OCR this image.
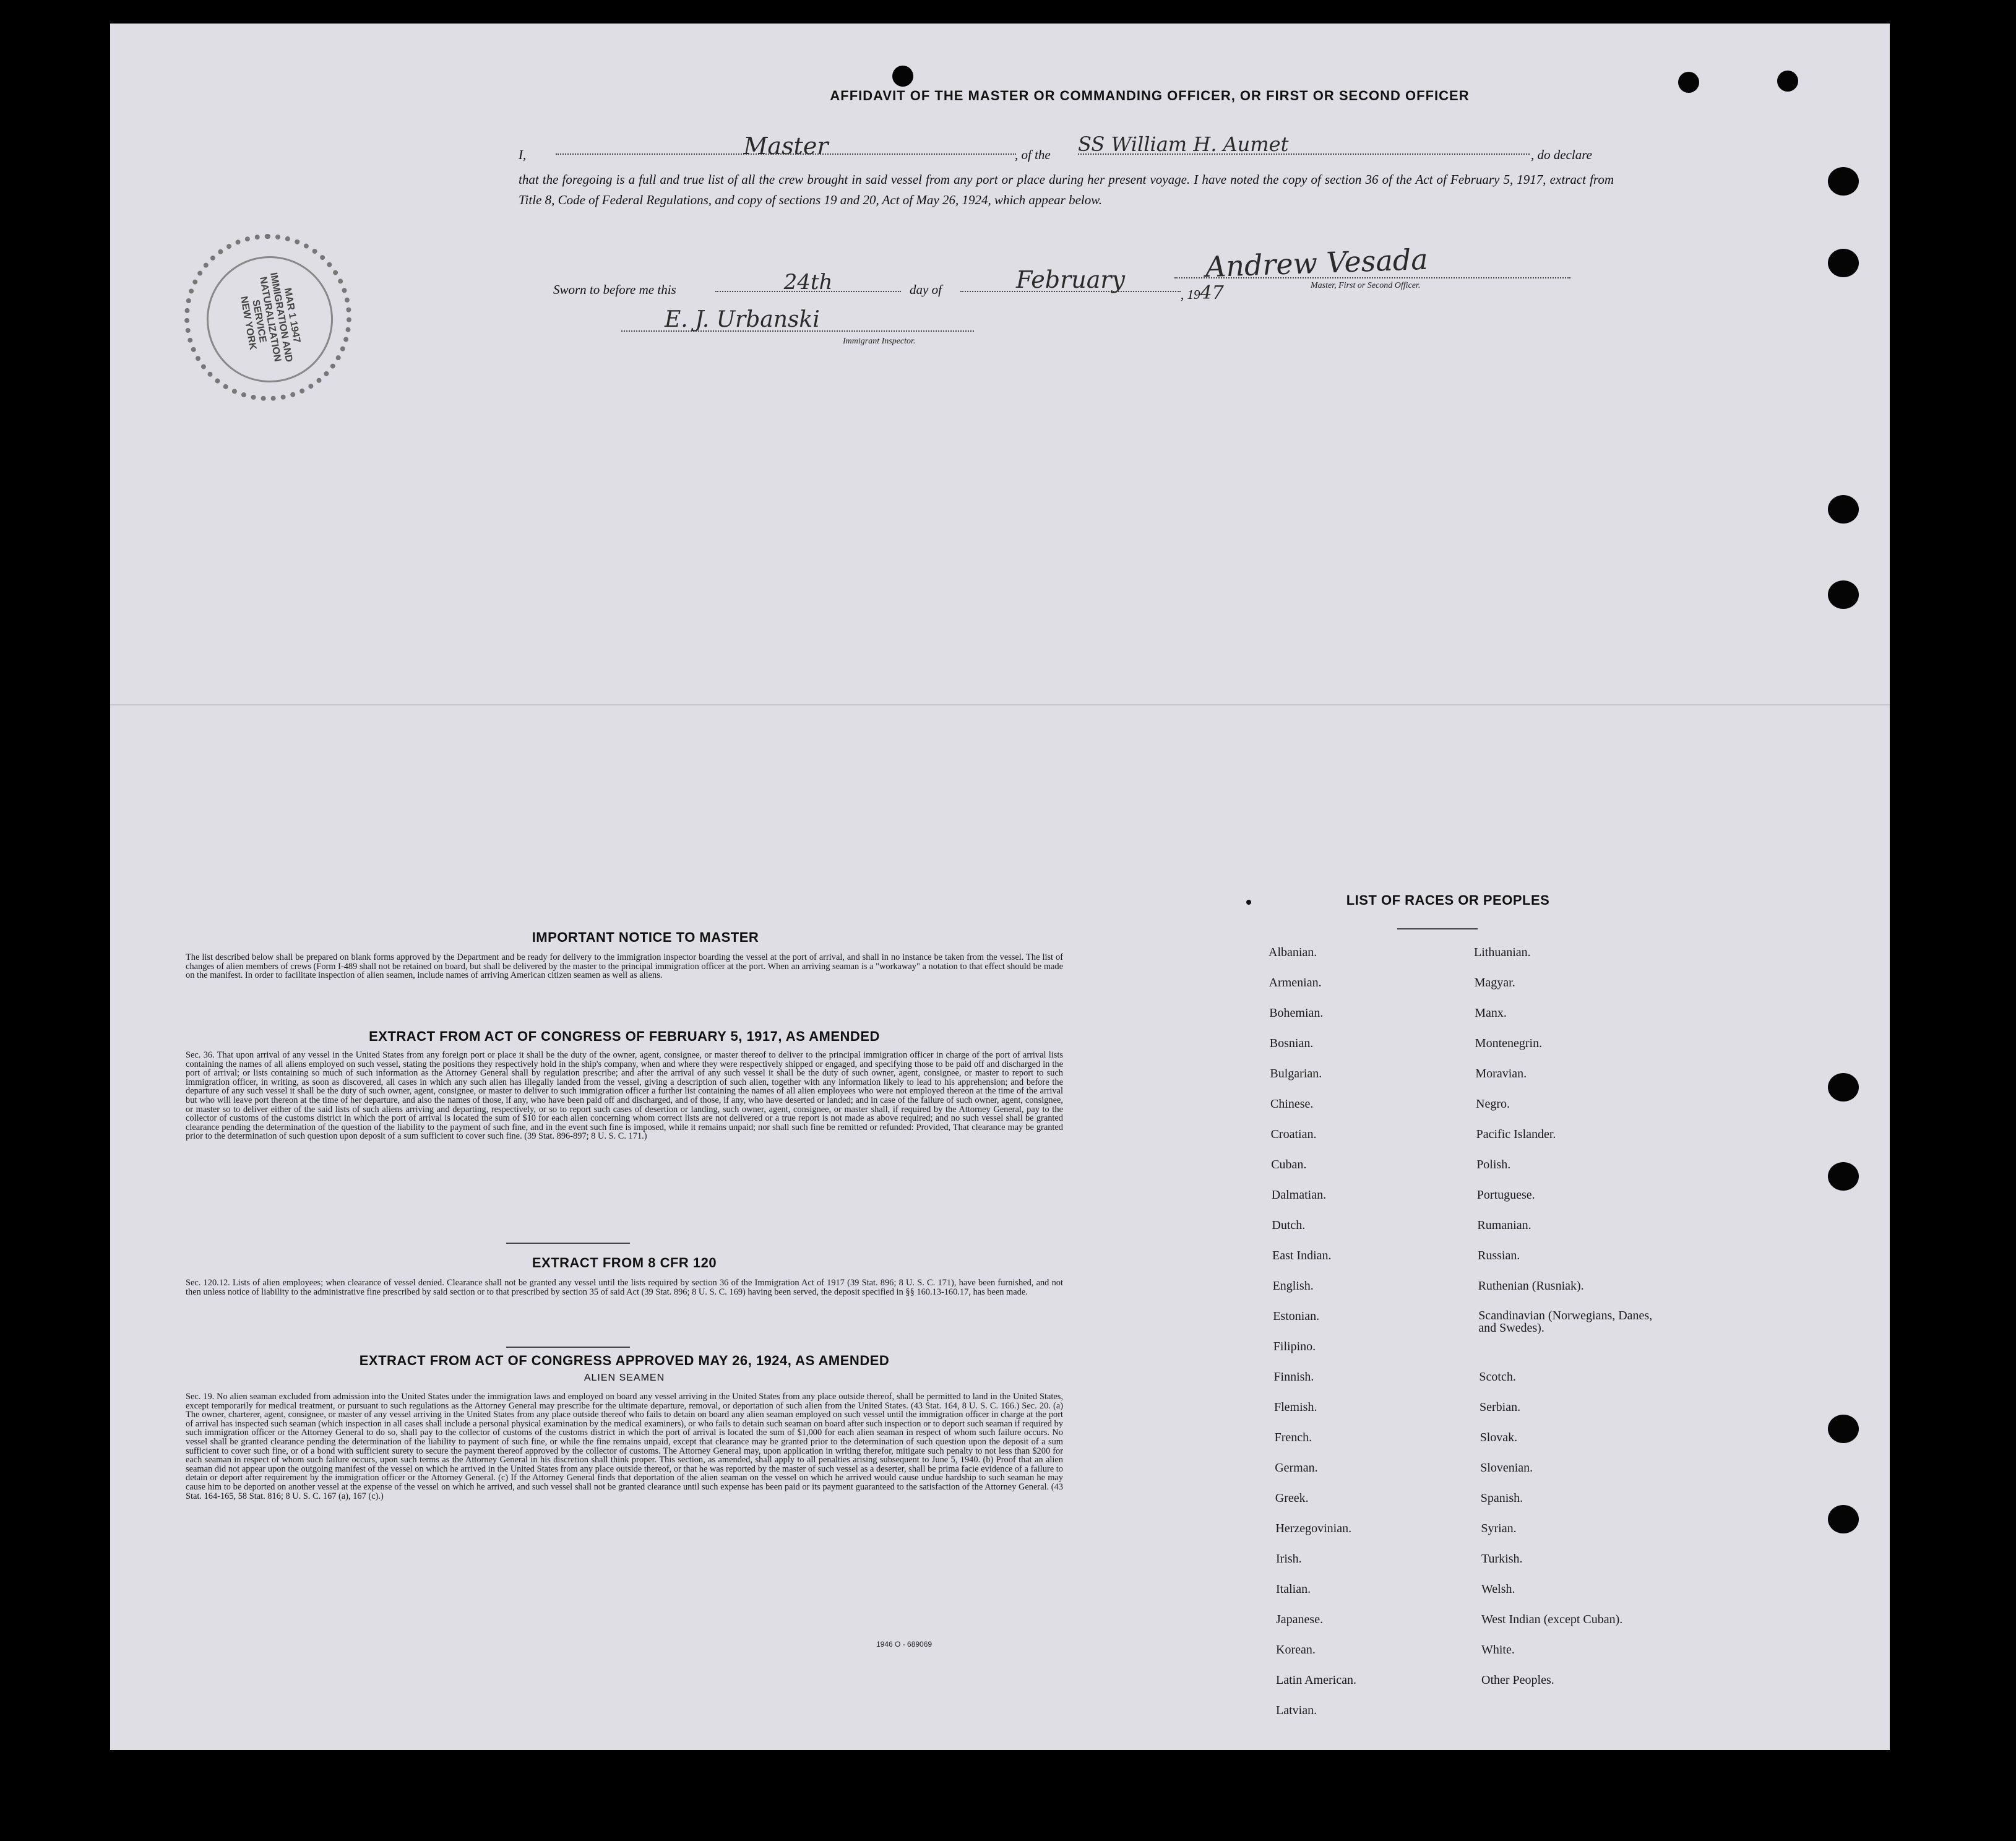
AFFIDAVIT OF THE MASTER OR COMMANDING OFFICER, OR FIRST OR SECOND OFFICER
I,	Master	, of the SS William H. Aumet	, do declare
that the foregoing is a full and true list of all the crew brought in said vessel from any port or place during her present voyage. I have noted the copy of section 36 of the Act of February 5, 1917, extract from Title 8, Code of Federal Regulations, and copy of sections 19 and 20, Act of May 26, 1924, which appear below.
Andrew Vesada
Master, First or Second Officer.
Sworn to before me this	24th	day of	February
, 1947
E. J. Urbanski
Immigrant Inspector.
MAR 1 1947
IMMIGRATION AND
NATURALIZATION
SERVICE
NEW YORK
IMPORTANT NOTICE TO MASTER
The list described below shall be prepared on blank forms approved by the Department and be ready for delivery to the immigration inspector boarding the vessel at the port of arrival, and shall in no instance be taken from the vessel. The list of changes of alien members of crews (Form I-489 shall not be retained on board, but shall be delivered by the master to the principal immigration officer at the port. When an arriving seaman is a "workaway" a notation to that effect should be made on the manifest. In order to facilitate inspection of alien seamen, include names of arriving American citizen seamen as well as aliens.
EXTRACT FROM ACT OF CONGRESS OF FEBRUARY 5, 1917, AS AMENDED
Sec. 36. That upon arrival of any vessel in the United States from any foreign port or place it shall be the duty of the owner, agent, consignee, or master thereof to deliver to the principal immigration officer in charge of the port of arrival lists containing the names of all aliens employed on such vessel, stating the positions they respectively hold in the ship's company, when and where they were respectively shipped or engaged, and specifying those to be paid off and discharged in the port of arrival; or lists containing so much of such information as the Attorney General shall by regulation prescribe; and after the arrival of any such vessel it shall be the duty of such owner, agent, consignee, or master to report to such immigration officer, in writing, as soon as discovered, all cases in which any such alien has illegally landed from the vessel, giving a description of such alien, together with any information likely to lead to his apprehension; and before the departure of any such vessel it shall be the duty of such owner, agent, consignee, or master to deliver to such immigration officer a further list containing the names of all alien employees who were not employed thereon at the time of the arrival but who will leave port thereon at the time of her departure, and also the names of those, if any, who have been paid off and discharged, and of those, if any, who have deserted or landed; and in case of the failure of such owner, agent, consignee, or master so to deliver either of the said lists of such aliens arriving and departing, respectively, or so to report such cases of desertion or landing, such owner, agent, consignee, or master shall, if required by the Attorney General, pay to the collector of customs of the customs district in which the port of arrival is located the sum of $10 for each alien concerning whom correct lists are not delivered or a true report is not made as above required; and no such vessel shall be granted clearance pending the determination of the question of the liability to the payment of such fine, and in the event such fine is imposed, while it remains unpaid; nor shall such fine be remitted or refunded: Provided, That clearance may be granted prior to the determination of such question upon deposit of a sum sufficient to cover such fine. (39 Stat. 896-897; 8 U. S. C. 171.)
EXTRACT FROM 8 CFR 120
Sec. 120.12. Lists of alien employees; when clearance of vessel denied. Clearance shall not be granted any vessel until the lists required by section 36 of the Immigration Act of 1917 (39 Stat. 896; 8 U. S. C. 171), have been furnished, and not then unless notice of liability to the administrative fine prescribed by said section or to that prescribed by section 35 of said Act (39 Stat. 896; 8 U. S. C. 169) having been served, the deposit specified in §§ 160.13-160.17, has been made.
EXTRACT FROM ACT OF CONGRESS APPROVED MAY 26, 1924, AS AMENDED
ALIEN SEAMEN
Sec. 19. No alien seaman excluded from admission into the United States under the immigration laws and employed on board any vessel arriving in the United States from any place outside thereof, shall be permitted to land in the United States, except temporarily for medical treatment, or pursuant to such regulations as the Attorney General may prescribe for the ultimate departure, removal, or deportation of such alien from the United States. (43 Stat. 164, 8 U. S. C. 166.) Sec. 20. (a) The owner, charterer, agent, consignee, or master of any vessel arriving in the United States from any place outside thereof who fails to detain on board any alien seaman employed on such vessel until the immigration officer in charge at the port of arrival has inspected such seaman (which inspection in all cases shall include a personal physical examination by the medical examiners), or who fails to detain such seaman on board after such inspection or to deport such seaman if required by such immigration officer or the Attorney General to do so, shall pay to the collector of customs of the customs district in which the port of arrival is located the sum of $1,000 for each alien seaman in respect of whom such failure occurs. No vessel shall be granted clearance pending the determination of the liability to payment of such fine, or while the fine remains unpaid, except that clearance may be granted prior to the determination of such question upon the deposit of a sum sufficient to cover such fine, or of a bond with sufficient surety to secure the payment thereof approved by the collector of customs. The Attorney General may, upon application in writing therefor, mitigate such penalty to not less than $200 for each seaman in respect of whom such failure occurs, upon such terms as the Attorney General in his discretion shall think proper. This section, as amended, shall apply to all penalties arising subsequent to June 5, 1940. (b) Proof that an alien seaman did not appear upon the outgoing manifest of the vessel on which he arrived in the United States from any place outside thereof, or that he was reported by the master of such vessel as a deserter, shall be prima facie evidence of a failure to detain or deport after requirement by the immigration officer or the Attorney General. (c) If the Attorney General finds that deportation of the alien seaman on the vessel on which he arrived would cause undue hardship to such seaman he may cause him to be deported on another vessel at the expense of the vessel on which he arrived, and such vessel shall not be granted clearance until such expense has been paid or its payment guaranteed to the satisfaction of the Attorney General. (43 Stat. 164-165, 58 Stat. 816; 8 U. S. C. 167 (a), 167 (c).)
1946 O - 689069
LIST OF RACES OR PEOPLES
Albanian.
Armenian.
Bohemian.
Bosnian.
Bulgarian.
Chinese.
Croatian.
Cuban.
Dalmatian.
Dutch.
East Indian.
English.
Estonian.
Filipino.
Finnish.
Flemish.
French.
German.
Greek.
Herzegovinian.
Irish.
Italian.
Japanese.
Korean.
Latin American.
Latvian.
Lithuanian.
Magyar.
Manx.
Montenegrin.
Moravian.
Negro.
Pacific Islander.
Polish.
Portuguese.
Rumanian.
Russian.
Ruthenian (Rusniak).
Scandinavian (Norwegians, Danes, and Swedes).
Scotch.
Serbian.
Slovak.
Slovenian.
Spanish.
Syrian.
Turkish.
Welsh.
West Indian (except Cuban).
White.
Other Peoples.
